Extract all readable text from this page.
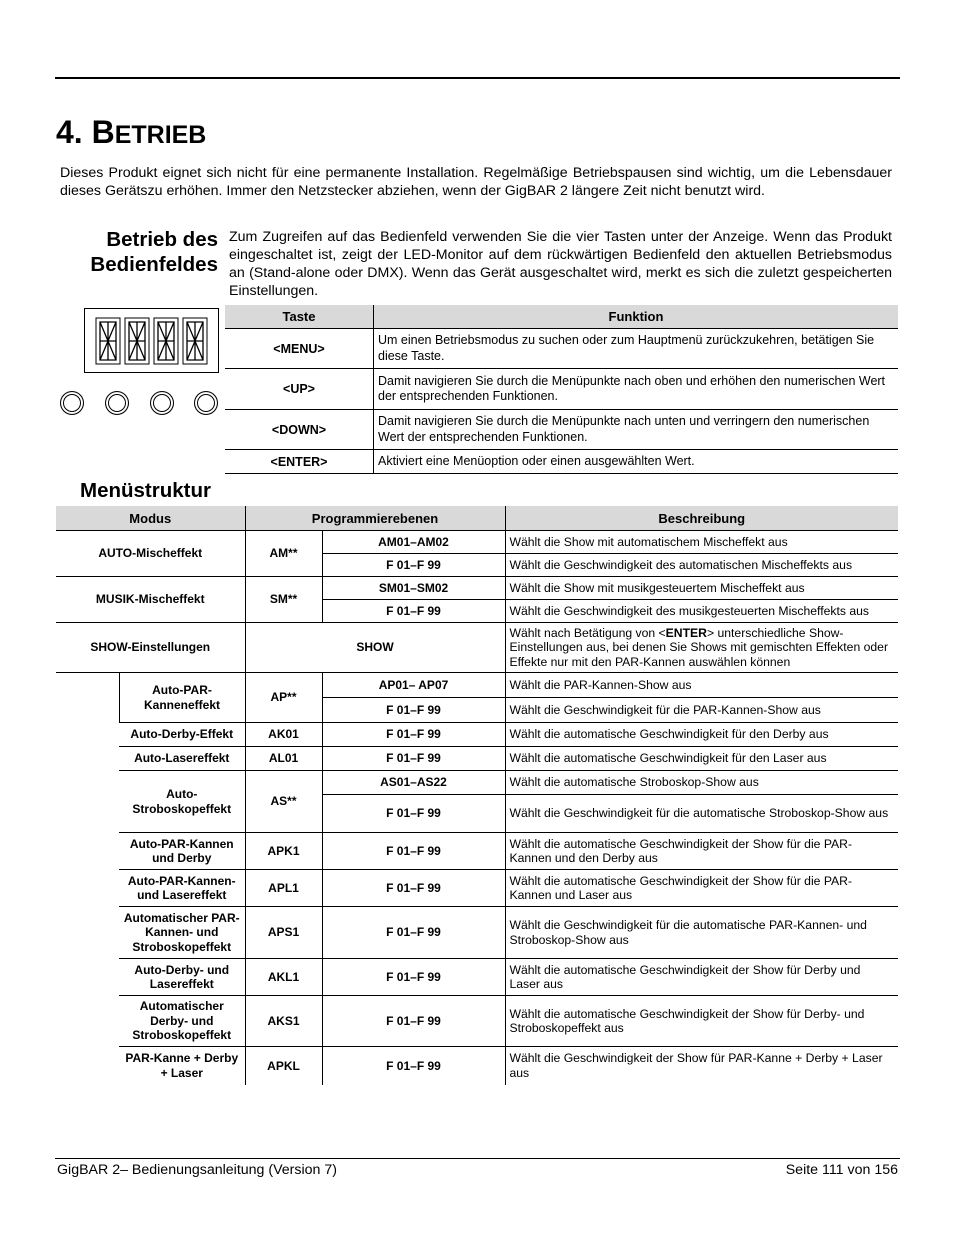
4. BETRIEB

Dieses Produkt eignet sich nicht für eine permanente Installation. Regelmäßige Betriebspausen sind wichtig, um die Lebensdauer dieses Gerätszu erhöhen. Immer den Netzstecker abziehen, wenn der GigBAR 2 längere Zeit nicht benutzt wird.

Betrieb des Bedienfeldes

Zum Zugreifen auf das Bedienfeld verwenden Sie die vier Tasten unter der Anzeige. Wenn das Produkt eingeschaltet ist, zeigt der LED-Monitor auf dem rückwärtigen Bedienfeld den aktuellen Betriebsmodus an (Stand-alone oder DMX). Wenn das Gerät ausgeschaltet wird, merkt es sich die zuletzt gespeicherten Einstellungen.

Taste	Funktion
<MENU>	Um einen Betriebsmodus zu suchen oder zum Hauptmenü zurückzukehren, betätigen Sie diese Taste.
<UP>	Damit navigieren Sie durch die Menüpunkte nach oben und erhöhen den numerischen Wert der entsprechenden Funktionen.
<DOWN>	Damit navigieren Sie durch die Menüpunkte nach unten und verringern den numerischen Wert der entsprechenden Funktionen.
<ENTER>	Aktiviert eine Menüoption oder einen ausgewählten Wert.
Menüstruktur
Modus		Programmierebenen		Beschreibung
AUTO-Mischeffekt		AM**	AM01–AM02	Wählt die Show mit automatischem Mischeffekt aus
			F 01–F 99	Wählt die Geschwindigkeit des automatischen Mischeffekts aus
MUSIK-Mischeffekt		SM**	SM01–SM02	Wählt die Show mit musikgesteuertem Mischeffekt aus
			F 01–F 99	Wählt die Geschwindigkeit des musikgesteuerten Mischeffekts aus
SHOW-Einstellungen		SHOW		Wählt nach Betätigung von <ENTER> unterschiedliche Show-Einstellungen aus, bei denen Sie Shows mit gemischten Effekten oder Effekte nur mit den PAR-Kannen auswählen können
	Auto-PAR-Kanneneffekt	AP**	AP01– AP07	Wählt die PAR-Kannen-Show aus
			F 01–F 99	Wählt die Geschwindigkeit für die PAR-Kannen-Show aus
	Auto-Derby-Effekt	AK01	F 01–F 99	Wählt die automatische Geschwindigkeit für den Derby aus
	Auto-Lasereffekt	AL01	F 01–F 99	Wählt die automatische Geschwindigkeit für den Laser aus
	Auto-Stroboskopeffekt	AS**	AS01–AS22	Wählt die automatische Stroboskop-Show aus
			F 01–F 99	Wählt die Geschwindigkeit für die automatische Stroboskop-Show aus
	Auto-PAR-Kannen und Derby	APK1	F 01–F 99	Wählt die automatische Geschwindigkeit der Show für die PAR-Kannen und den Derby aus
	Auto-PAR-Kannen- und Lasereffekt	APL1	F 01–F 99	Wählt die automatische Geschwindigkeit der Show für die PAR-Kannen und Laser aus
	Automatischer PAR-Kannen- und Stroboskopeffekt	APS1	F 01–F 99	Wählt die Geschwindigkeit für die automatische PAR-Kannen- und Stroboskop-Show aus
	Auto-Derby- und Lasereffekt	AKL1	F 01–F 99	Wählt die automatische Geschwindigkeit der Show für Derby und Laser aus
	Automatischer Derby- und Stroboskopeffekt	AKS1	F 01–F 99	Wählt die automatische Geschwindigkeit der Show für Derby- und Stroboskopeffekt aus
	PAR-Kanne + Derby + Laser	APKL	F 01–F 99	Wählt die Geschwindigkeit der Show für PAR-Kanne + Derby + Laser aus
GigBAR 2– Bedienungsanleitung (Version 7)	Seite 111 von 156
